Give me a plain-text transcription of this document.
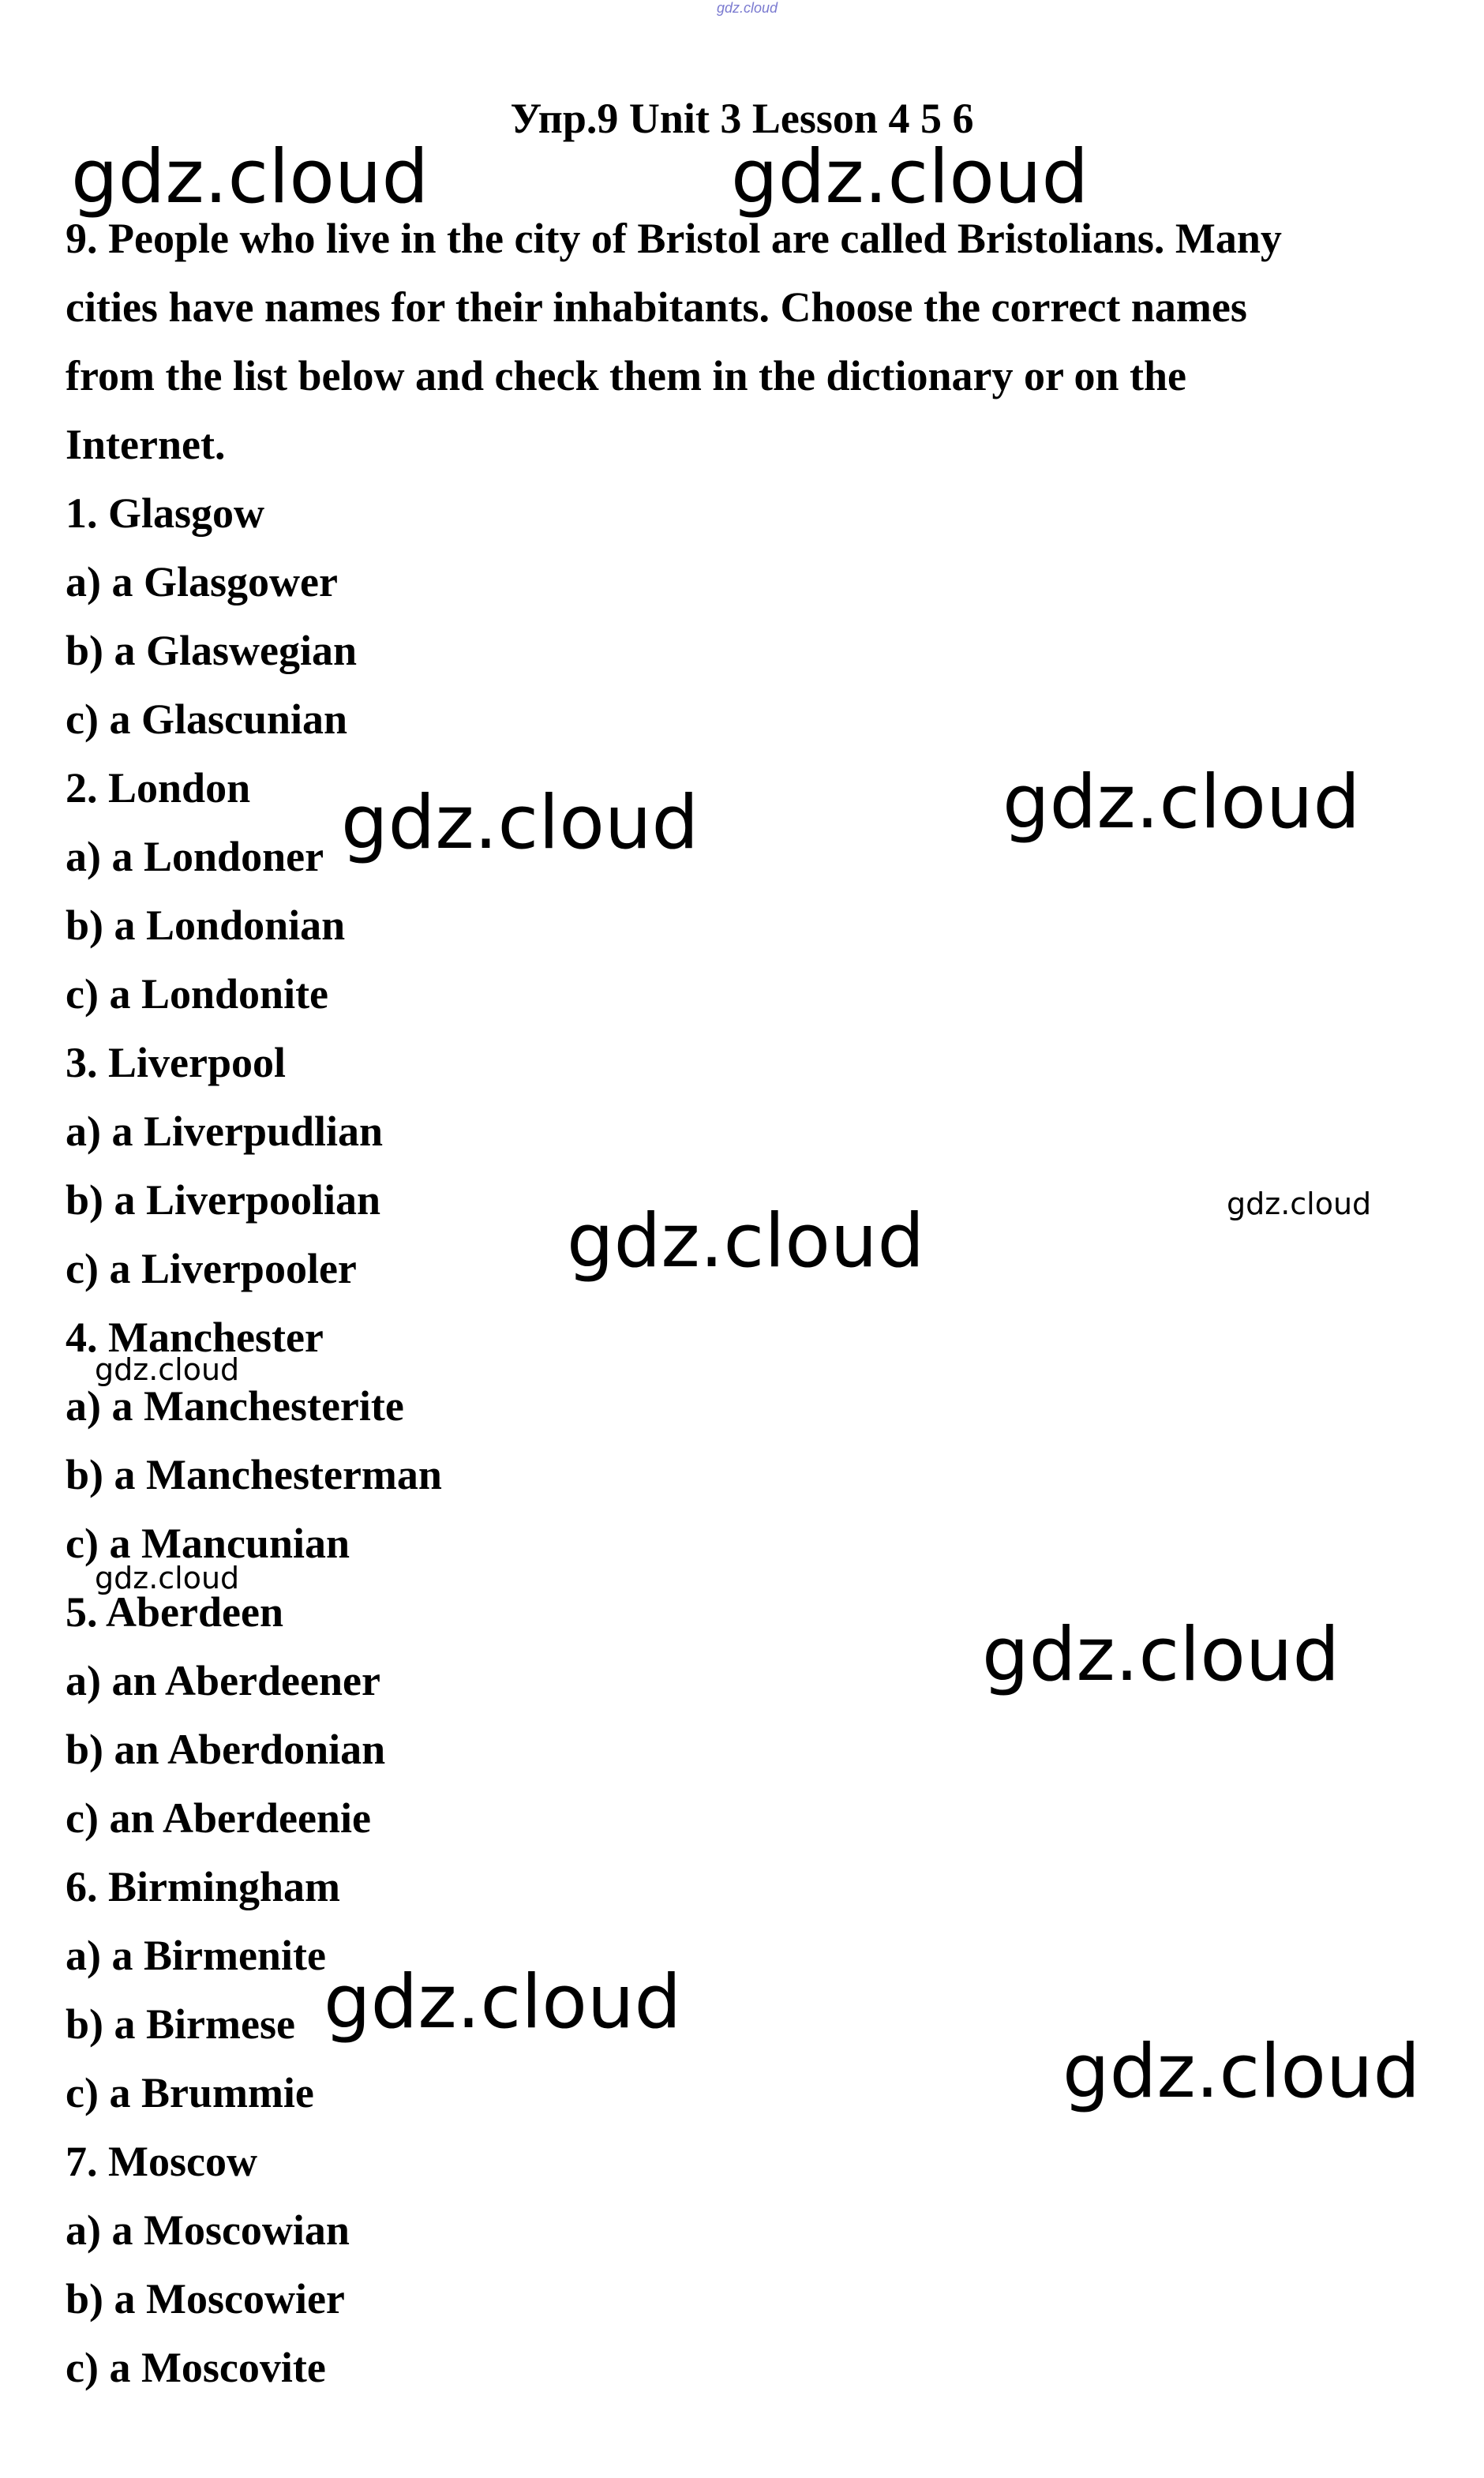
gdz.cloud
Упр.9 Unit 3 Lesson 4 5 6
9. People who live in the city of Bristol are called Bristolians. Many
cities have names for their inhabitants. Choose the correct names
from the list below and check them in the dictionary or on the
Internet.
1. Glasgow
a) a Glasgower
b) a Glaswegian
c) a Glascunian
2. London
a) a Londoner
b) a Londonian
c) a Londonite
3. Liverpool
a) a Liverpudlian
b) a Liverpoolian
c) a Liverpooler
4. Manchester
a) a Manchesterite
b) a Manchesterman
c) a Mancunian
5. Aberdeen
a) an Aberdeener
b) an Aberdonian
c) an Aberdeenie
6. Birmingham
a) a Birmenite
b) a Birmese
c) a Brummie
7. Moscow
a) a Moscowian
b) a Moscowier
c) a Moscovite
gdz.cloud	gdz.cloud
gdz.cloud	gdz.cloud
gdz.cloud	gdz.cloud
gdz.cloud
gdz.cloud
gdz.cloud
gdz.cloud
gdz.cloud
